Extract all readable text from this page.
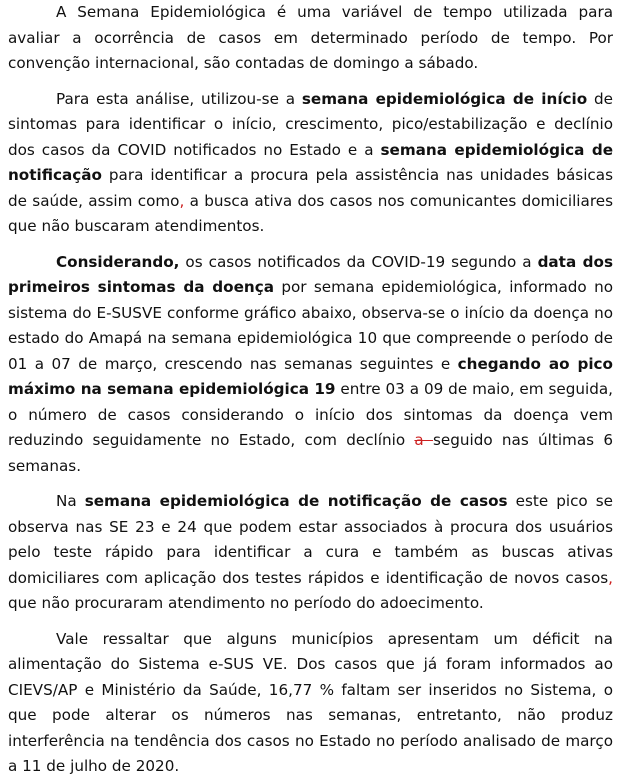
A Semana Epidemiológica é uma variável de tempo utilizada para avaliar a ocorrência de casos em determinado período de tempo. Por convenção internacional, são contadas de domingo a sábado.

Para esta análise, utilizou-se a semana epidemiológica de início de sintomas para identificar o início, crescimento, pico/estabilização e declínio dos casos da COVID notificados no Estado e a semana epidemiológica de notificação para identificar a procura pela assistência nas unidades básicas de saúde, assim como, a busca ativa dos casos nos comunicantes domiciliares que não buscaram atendimentos.

Considerando, os casos notificados da COVID-19 segundo a data dos primeiros sintomas da doença por semana epidemiológica, informado no sistema do E-SUSVE conforme gráfico abaixo, observa-se o início da doença no estado do Amapá na semana epidemiológica 10 que compreende o período de 01 a 07 de março, crescendo nas semanas seguintes e chegando ao pico máximo na semana epidemiológica 19 entre 03 a 09 de maio, em seguida, o número de casos considerando o início dos sintomas da doença vem reduzindo seguidamente no Estado, com declínio a seguido nas últimas 6 semanas.

Na semana epidemiológica de notificação de casos este pico se observa nas SE 23 e 24 que podem estar associados à procura dos usuários pelo teste rápido para identificar a cura e também as buscas ativas domiciliares com aplicação dos testes rápidos e identificação de novos casos, que não procuraram atendimento no período do adoecimento.

Vale ressaltar que alguns municípios apresentam um déficit na alimentação do Sistema e-SUS VE. Dos casos que já foram informados ao CIEVS/AP e Ministério da Saúde, 16,77 % faltam ser inseridos no Sistema, o que pode alterar os números nas semanas, entretanto, não produz interferência na tendência dos casos no Estado no período analisado de março a 11 de julho de 2020.
